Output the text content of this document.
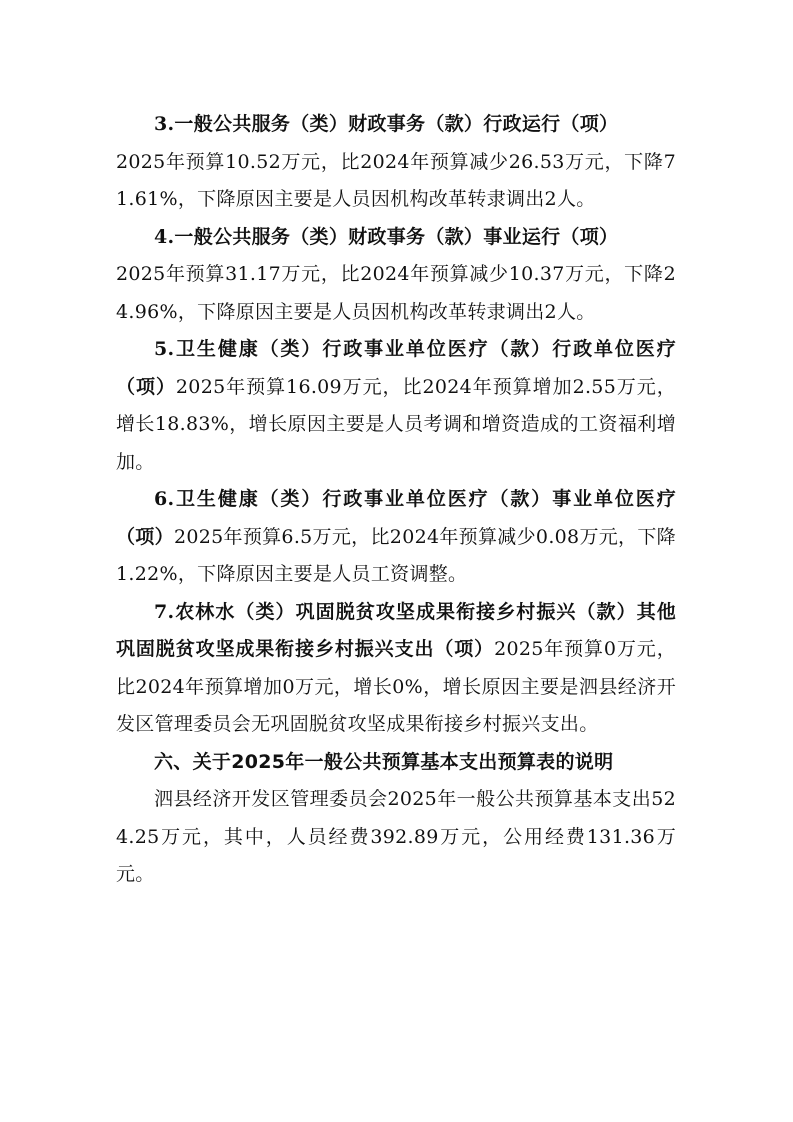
3.一般公共服务（类）财政事务（款）行政运行（项）
2025年预算10.52万元，比2024年预算减少26.53万元，下降71.61%，下降原因主要是人员因机构改革转隶调出2人。

4.一般公共服务（类）财政事务（款）事业运行（项）
2025年预算31.17万元，比2024年预算减少10.37万元，下降24.96%，下降原因主要是人员因机构改革转隶调出2人。

5.卫生健康（类）行政事业单位医疗（款）行政单位医疗（项）2025年预算16.09万元，比2024年预算增加2.55万元，增长18.83%，增长原因主要是人员考调和增资造成的工资福利增加。

6.卫生健康（类）行政事业单位医疗（款）事业单位医疗（项）2025年预算6.5万元，比2024年预算减少0.08万元，下降1.22%，下降原因主要是人员工资调整。

7.农林水（类）巩固脱贫攻坚成果衔接乡村振兴（款）其他巩固脱贫攻坚成果衔接乡村振兴支出（项）2025年预算0万元，比2024年预算增加0万元，增长0%，增长原因主要是泗县经济开发区管理委员会无巩固脱贫攻坚成果衔接乡村振兴支出。

六、关于2025年一般公共预算基本支出预算表的说明

泗县经济开发区管理委员会2025年一般公共预算基本支出524.25万元，其中，人员经费392.89万元，公用经费131.36万元。
